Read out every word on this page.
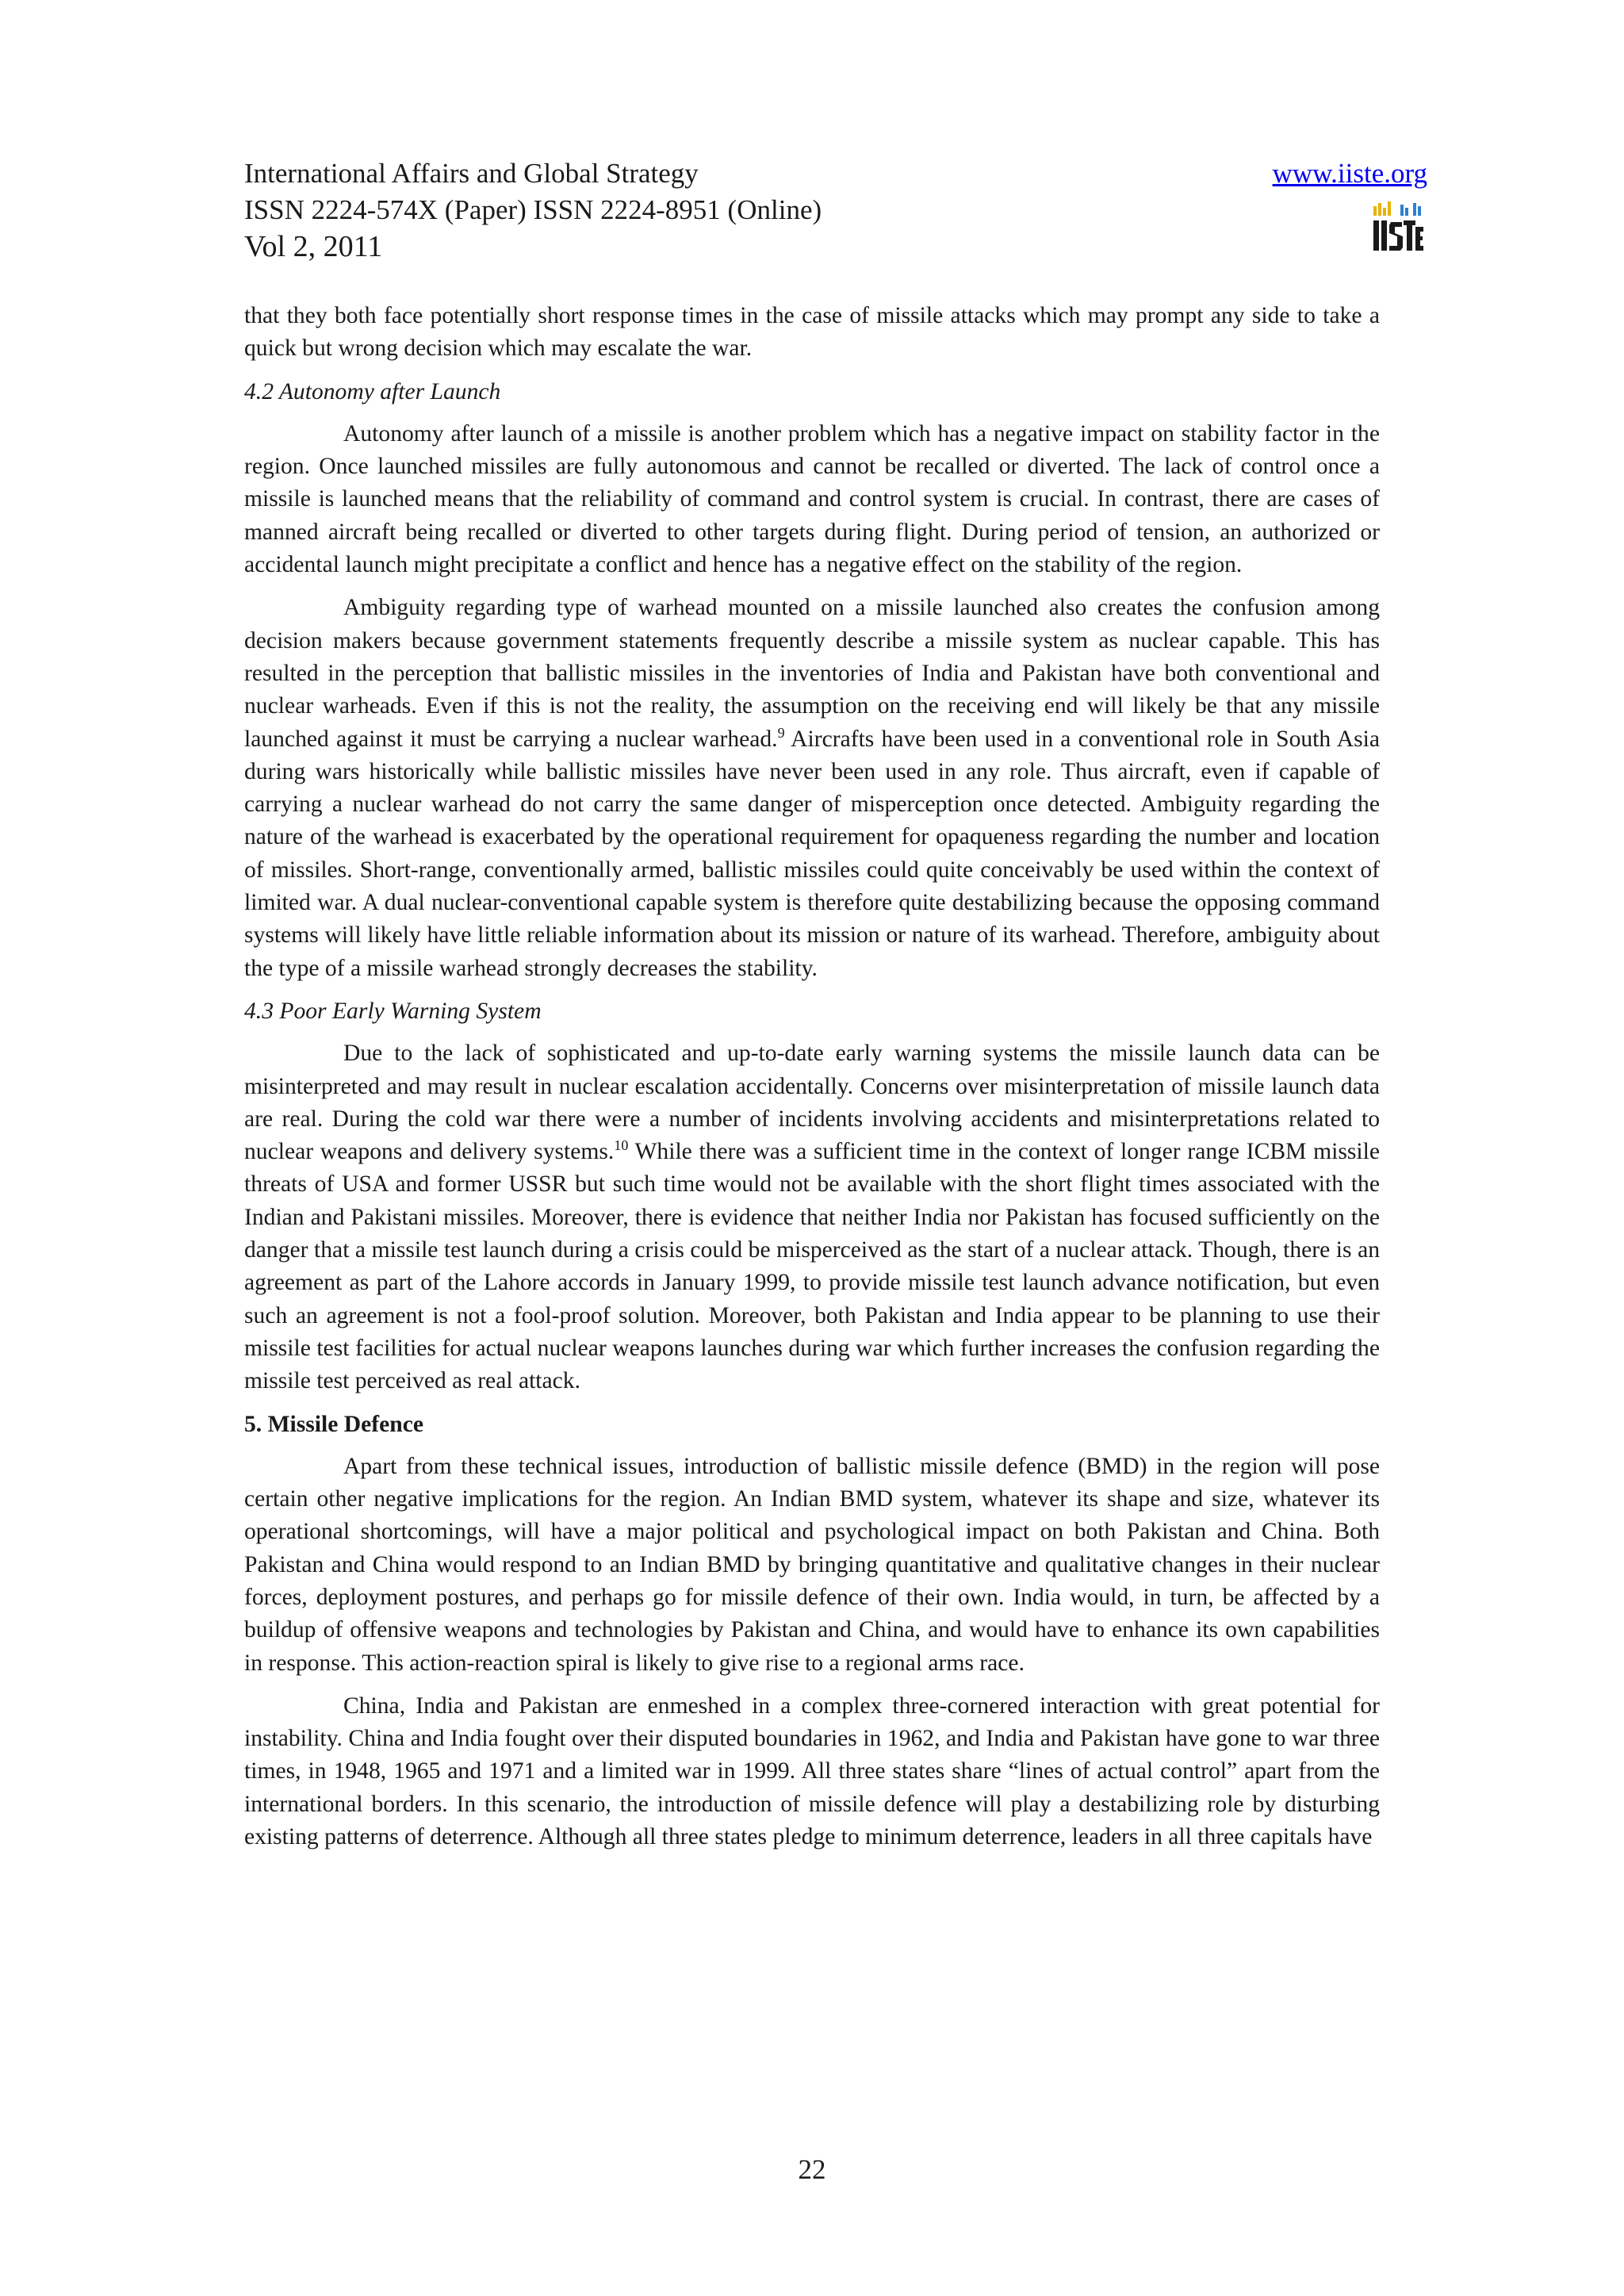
International Affairs and Global Strategy
ISSN 2224-574X (Paper) ISSN 2224-8951 (Online)
Vol 2, 2011
www.iiste.org

that they both face potentially short response times in the case of missile attacks which may prompt any side to take a quick but wrong decision which may escalate the war.

4.2 Autonomy after Launch

Autonomy after launch of a missile is another problem which has a negative impact on stability factor in the region. Once launched missiles are fully autonomous and cannot be recalled or diverted. The lack of control once a missile is launched means that the reliability of command and control system is crucial. In contrast, there are cases of manned aircraft being recalled or diverted to other targets during flight. During period of tension, an authorized or accidental launch might precipitate a conflict and hence has a negative effect on the stability of the region.

Ambiguity regarding type of warhead mounted on a missile launched also creates the confusion among decision makers because government statements frequently describe a missile system as nuclear capable. This has resulted in the perception that ballistic missiles in the inventories of India and Pakistan have both conventional and nuclear warheads. Even if this is not the reality, the assumption on the receiving end will likely be that any missile launched against it must be carrying a nuclear warhead.$^9$ Aircrafts have been used in a conventional role in South Asia during wars historically while ballistic missiles have never been used in any role. Thus aircraft, even if capable of carrying a nuclear warhead do not carry the same danger of misperception once detected. Ambiguity regarding the nature of the warhead is exacerbated by the operational requirement for opaqueness regarding the number and location of missiles. Short-range, conventionally armed, ballistic missiles could quite conceivably be used within the context of limited war. A dual nuclear-conventional capable system is therefore quite destabilizing because the opposing command systems will likely have little reliable information about its mission or nature of its warhead. Therefore, ambiguity about the type of a missile warhead strongly decreases the stability.

4.3 Poor Early Warning System

Due to the lack of sophisticated and up-to-date early warning systems the missile launch data can be misinterpreted and may result in nuclear escalation accidentally. Concerns over misinterpretation of missile launch data are real. During the cold war there were a number of incidents involving accidents and misinterpretations related to nuclear weapons and delivery systems.$^{10}$ While there was a sufficient time in the context of longer range ICBM missile threats of USA and former USSR but such time would not be available with the short flight times associated with the Indian and Pakistani missiles. Moreover, there is evidence that neither India nor Pakistan has focused sufficiently on the danger that a missile test launch during a crisis could be misperceived as the start of a nuclear attack. Though, there is an agreement as part of the Lahore accords in January 1999, to provide missile test launch advance notification, but even such an agreement is not a fool-proof solution. Moreover, both Pakistan and India appear to be planning to use their missile test facilities for actual nuclear weapons launches during war which further increases the confusion regarding the missile test perceived as real attack.

5. Missile Defence

Apart from these technical issues, introduction of ballistic missile defence (BMD) in the region will pose certain other negative implications for the region. An Indian BMD system, whatever its shape and size, whatever its operational shortcomings, will have a major political and psychological impact on both Pakistan and China. Both Pakistan and China would respond to an Indian BMD by bringing quantitative and qualitative changes in their nuclear forces, deployment postures, and perhaps go for missile defence of their own. India would, in turn, be affected by a buildup of offensive weapons and technologies by Pakistan and China, and would have to enhance its own capabilities in response. This action-reaction spiral is likely to give rise to a regional arms race.

China, India and Pakistan are enmeshed in a complex three-cornered interaction with great potential for instability. China and India fought over their disputed boundaries in 1962, and India and Pakistan have gone to war three times, in 1948, 1965 and 1971 and a limited war in 1999. All three states share “lines of actual control” apart from the international borders. In this scenario, the introduction of missile defence will play a destabilizing role by disturbing existing patterns of deterrence. Although all three states pledge to minimum deterrence, leaders in all three capitals have

22
